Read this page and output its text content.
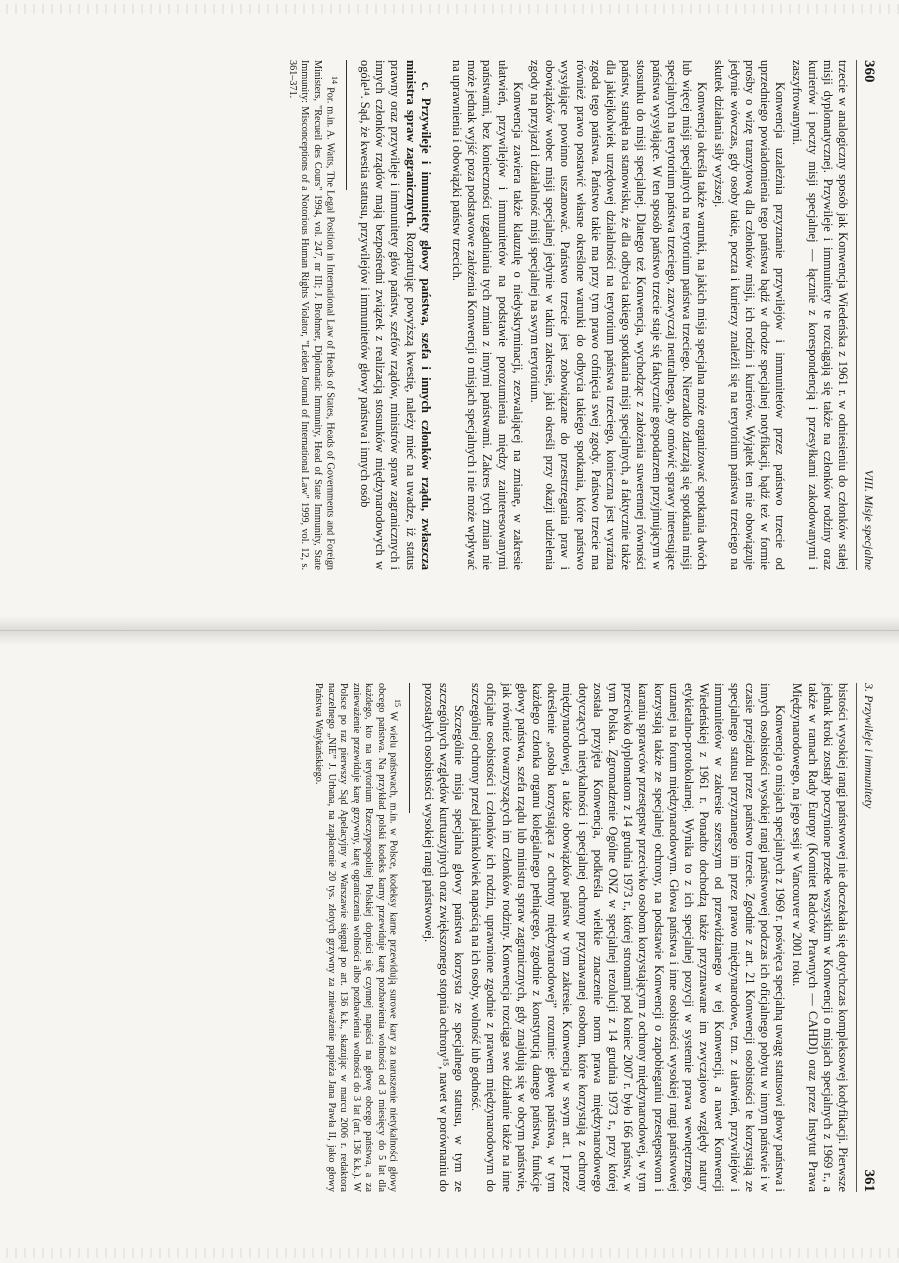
360
VIII. Misje specjalne

trzecie w analogiczny sposób jak Konwencja Wiedeńska z 1961 r. w odniesieniu do członków stałej misji dyplomatycznej. Przywileje i immunitety te rozciągają się także na członków rodziny oraz kurierów i poczty misji specjalnej — łącznie z korespondencją i przesyłkami zakodowanymi i zaszyfrowanymi.

Konwencja uzależnia przyznanie przywilejów i immunitetów przez państwo trzecie od uprzedniego powiadomienia tego państwa bądź w drodze specjalnej notyfikacji, bądź też w formie prośby o wizę tranzytową dla członków misji, ich rodzin i kurierów. Wyjątek ten nie obowiązuje jedynie wówczas, gdy osoby takie, poczta i kurierzy znaleźli się na terytorium państwa trzeciego na skutek działania siły wyższej.

Konwencja określa także warunki, na jakich misja specjalna może organizować spotkania dwóch lub więcej misji specjalnych na terytorium państwa trzeciego. Nierzadko zdarzają się spotkania misji specjalnych na terytorium państwa trzeciego, zazwyczaj neutralnego, aby omówić sprawy interesujące państwa wysyłające. W ten sposób państwo trzecie staje się faktycznie gospodarzem przyjmującym w stosunku do misji specjalnej. Dlatego też Konwencja, wychodząc z założenia suwerennej równości państw, stanęła na stanowisku, że dla odbycia takiego spotkania misji specjalnych, a faktycznie także dla jakiejkolwiek urzędowej działalności na terytorium państwa trzeciego, konieczna jest wyraźna zgoda tego państwa. Państwo takie ma przy tym prawo cofnięcia swej zgody. Państwo trzecie ma również prawo postawić własne określone warunki do odbycia takiego spotkania, które państwo wysyłające powinno uszanować. Państwo trzecie jest zobowiązane do przestrzegania praw i obowiązków wobec misji specjalnej jedynie w takim zakresie, jaki określi przy okazji udzielenia zgody na przyjazd i działalność misji specjalnej na swym terytorium.

Konwencja zawiera także klauzulę o niedyskryminacji, zezwalającej na zmianę, w zakresie ułatwień, przywilejów i immunitetów na podstawie porozumienia między zainteresowanymi państwami, bez konieczności uzgadniania tych zmian z innymi państwami. Zakres tych zmian nie może jednak wyjść poza podstawowe założenia Konwencji o misjach specjalnych i nie może wpływać na uprawnienia i obowiązki państw trzecich.

c. Przywileje i immunitety głowy państwa, szefa i innych członków rządu, zwłaszcza ministra spraw zagranicznych. Rozpatrując powyższą kwestię, należy mieć na uwadze, iż status prawny oraz przywileje i immunitety głów państw, szefów rządów, ministrów spraw zagranicznych i innych członków rządów mają bezpośredni związek z realizacją stosunków międzynarodowych w ogóle¹⁴. Sąd, że kwestia statusu, przywilejów i immunitetów głowy państwa i innych osób

$^{14}$ Por. m.in. A. Watts, The Legal Position in International Law of Heads of States, Heads of Governments and Foreign Ministers, "Recueil des Cours" 1994, vol. 247, nr III; J. Brohmer, Diplomatic Immunity, Head of State Immunity, State Immunity: Misconceptions of a Notorious Human Rights Violator, "Leiden Journal of International Law" 1999, vol. 12, s. 361–371.

3. Przywileje i immunitety
361

bistości wysokiej rangi państwowej nie doczekała się dotychczas kompleksowej kodyfikacji. Pierwsze jednak kroki zostały poczynione przede wszystkim w Konwencji o misjach specjalnych z 1969 r., a także w ramach Rady Europy (Komitet Radców Prawnych — CAHDI) oraz przez Instytut Prawa Międzynarodowego, na jego sesji w Vancouver w 2001 roku.

Konwencja o misjach specjalnych z 1969 r. poświęca specjalną uwagę statusowi głowy państwa i innych osobistości wysokiej rangi państwowej podczas ich oficjalnego pobytu w innym państwie i w czasie przejazdu przez państwo trzecie. Zgodnie z art. 21 Konwencji osobistości te korzystają ze specjalnego statusu przyznanego im przez prawo międzynarodowe, tzn. z ułatwień, przywilejów i immunitetów w zakresie szerszym od przewidzianego w tej Konwencji, a nawet Konwencji Wiedeńskiej z 1961 r. Ponadto dochodzą także przyznawane im zwyczajowo względy natury etykietalno-protokolarnej. Wynika to z ich specjalnej pozycji w systemie prawa wewnętrznego, uznanej na forum międzynarodowym. Głowa państwa i inne osobistości wysokiej rangi państwowej korzystają także ze specjalnej ochrony, na podstawie Konwencji o zapobieganiu przestępstwom i karaniu sprawców przestępstw przeciwko osobom korzystającym z ochrony międzynarodowej, w tym przeciwko dyplomatom z 14 grudnia 1973 r., której stronami pod koniec 2007 r. było 166 państw, w tym Polska. Zgromadzenie Ogólne ONZ w specjalnej rezolucji z 14 grudnia 1973 r., przy której została przyjęta Konwencja, podkreśla wielkie znaczenie norm prawa międzynarodowego dotyczących nietykalności i specjalnej ochrony przyznawanej osobom, które korzystają z ochrony międzynarodowej, a także obowiązków państw w tym zakresie. Konwencja w swym art. 1 przez określenie „osoba korzystająca z ochrony międzynarodowej” rozumie: głowę państwa, w tym każdego członka organu kolegialnego pełniącego, zgodnie z konstytucją danego państwa, funkcje głowy państwa, szefa rządu lub ministra spraw zagranicznych, gdy znajdują się w obcym państwie, jak również towarzyszących im członków rodziny. Konwencja rozciąga swe działanie także na inne oficjalne osobistości i członków ich rodzin, uprawnione zgodnie z prawem międzynarodowym do szczególnej ochrony przed jakimkolwiek napaścią na ich osoby, wolność lub godność.

Szczególnie misja specjalna głowy państwa korzysta ze specjalnego statusu, w tym ze szczególnych względów kurtuazyjnych oraz zwiększonego stopnia ochrony¹⁵, nawet w porównaniu do pozostałych osobistości wysokiej rangi państwowej.

$^{15}$ W wielu państwach, m.in. w Polsce, kodeksy karne przewidują surowe kary za naruszenie nietykalności głowy obcego państwa. Na przykład polski kodeks karny przewiduje karę pozbawienia wolności od 3 miesięcy do 5 lat dla każdego, kto na terytorium Rzeczypospolitej Polskiej dopuści się czynnej napaści na głowę obcego państwa, a za znieważenie przewiduje karę grzywny, karę ograniczenia wolności albo pozbawienia wolności do 3 lat (art. 136 k.k.). W Polsce po raz pierwszy Sąd Apelacyjny w Warszawie sięgnął po art. 136 k.k., skazując w marcu 2006 r. redaktora naczelnego „NIE” J. Urbana, na zapłacenie 20 tys. złotych grzywny za znieważenie papieża Jana Pawła II, jako głowy Państwa Watykańskiego.
